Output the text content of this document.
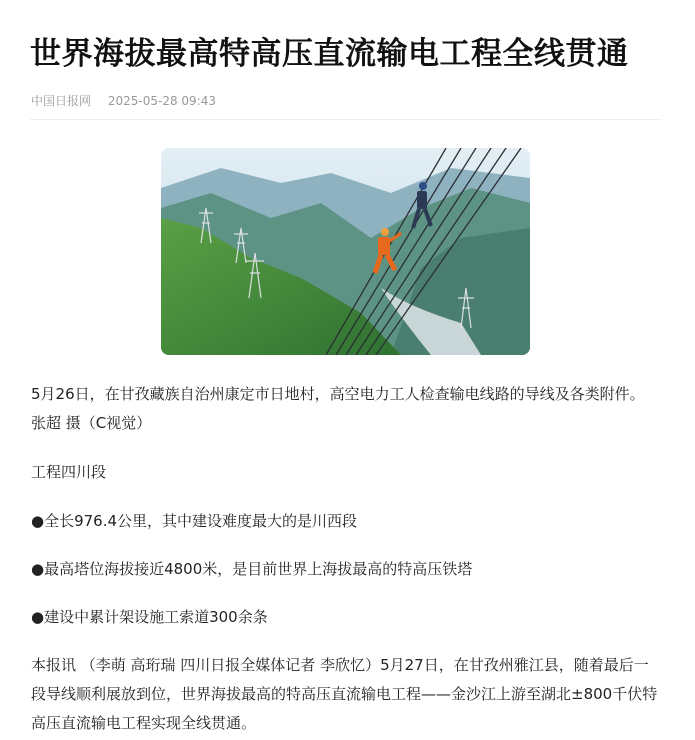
世界海拔最高特高压直流输电工程全线贯通
中国日报网 2025-05-28 09:43

5月26日，在甘孜藏族自治州康定市日地村，高空电力工人检查输电线路的导线及各类附件。 张超 摄（C视觉）

工程四川段

●全长976.4公里，其中建设难度最大的是川西段

●最高塔位海拔接近4800米，是目前世界上海拔最高的特高压铁塔

●建设中累计架设施工索道300余条

本报讯 （李萌 高珩瑞 四川日报全媒体记者 李欣忆）5月27日，在甘孜州雅江县，随着最后一段导线顺利展放到位，世界海拔最高的特高压直流输电工程——金沙江上游至湖北±800千伏特高压直流输电工程实现全线贯通。
